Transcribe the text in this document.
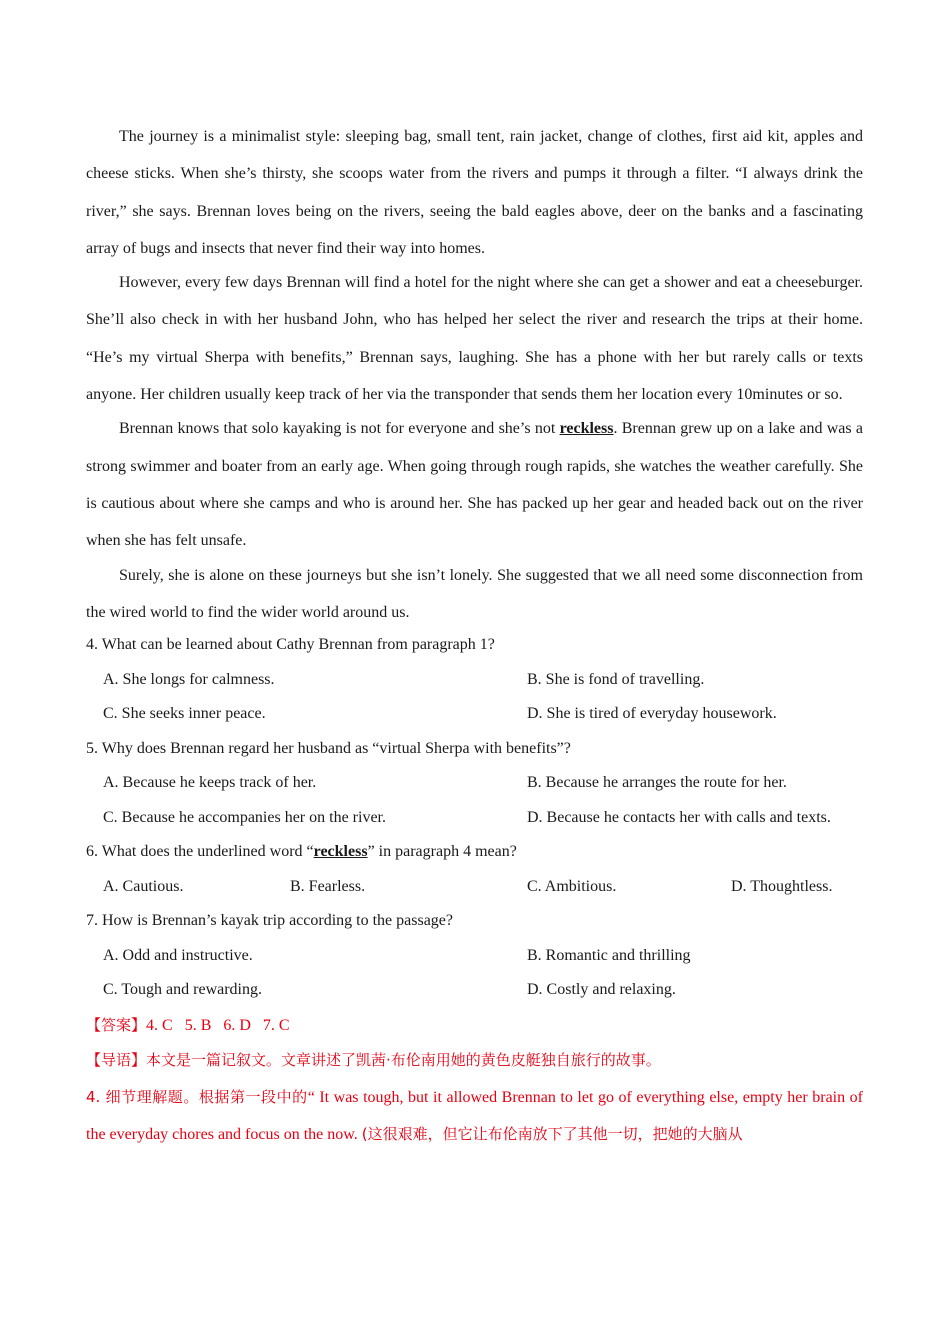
The journey is a minimalist style: sleeping bag, small tent, rain jacket, change of clothes, first aid kit, apples and cheese sticks. When she’s thirsty, she scoops water from the rivers and pumps it through a filter. “I always drink the river,” she says. Brennan loves being on the rivers, seeing the bald eagles above, deer on the banks and a fascinating array of bugs and insects that never find their way into homes.

However, every few days Brennan will find a hotel for the night where she can get a shower and eat a cheeseburger. She’ll also check in with her husband John, who has helped her select the river and research the trips at their home. “He’s my virtual Sherpa with benefits,” Brennan says, laughing. She has a phone with her but rarely calls or texts anyone. Her children usually keep track of her via the transponder that sends them her location every 10minutes or so.

Brennan knows that solo kayaking is not for everyone and she’s not reckless. Brennan grew up on a lake and was a strong swimmer and boater from an early age. When going through rough rapids, she watches the weather carefully. She is cautious about where she camps and who is around her. She has packed up her gear and headed back out on the river when she has felt unsafe.

Surely, she is alone on these journeys but she isn’t lonely. She suggested that we all need some disconnection from the wired world to find the wider world around us.

4. What can be learned about Cathy Brennan from paragraph 1?

A. She longs for calmness.	B. She is fond of travelling.
C. She seeks inner peace.	D. She is tired of everyday housework.

5. Why does Brennan regard her husband as “virtual Sherpa with benefits”?

A. Because he keeps track of her.	B. Because he arranges the route for her.
C. Because he accompanies her on the river.	D. Because he contacts her with calls and texts.

6. What does the underlined word “reckless” in paragraph 4 mean?

A. Cautious.	B. Fearless.	C. Ambitious.	D. Thoughtless.

7. How is Brennan’s kayak trip according to the passage?

A. Odd and instructive.	B. Romantic and thrilling
C. Tough and rewarding.	D. Costly and relaxing.

【答案】4. C 5. B 6. D 7. C

【导语】本文是一篇记叙文。文章讲述了凯茜·布伦南用她的黄色皮艇独自旅行的故事。

4. 细节理解题。根据第一段中的“ It was tough, but it allowed Brennan to let go of everything else, empty her brain of the everyday chores and focus on the now. (这很艰难，但它让布伦南放下了其他一切，把她的大脑从
